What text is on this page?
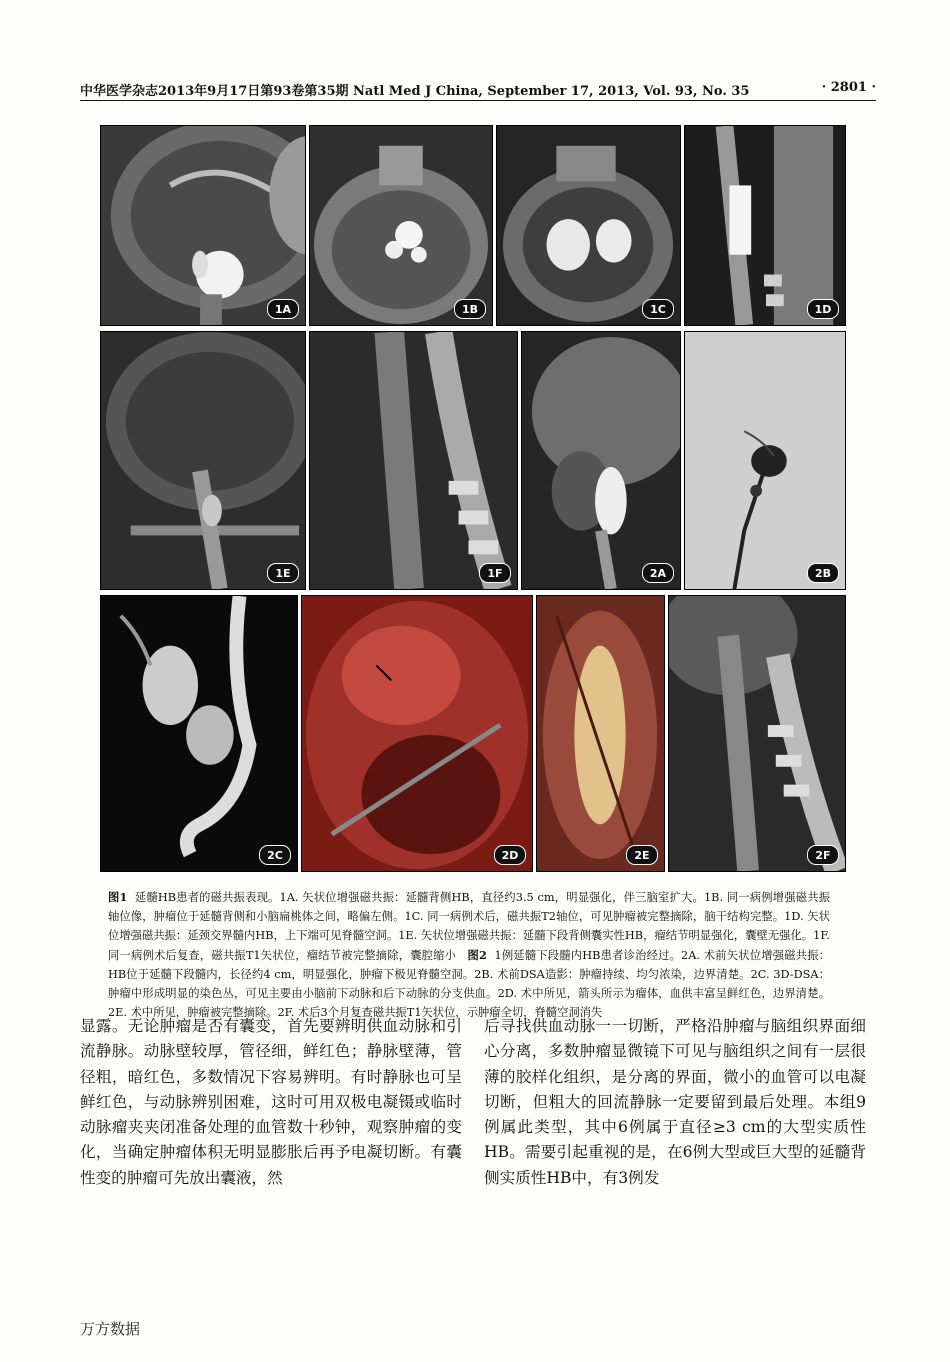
中华医学杂志2013年9月17日第93卷第35期 Natl Med J China, September 17, 2013, Vol. 93, No. 35	· 2801 ·
1A	1B	1C	1D
1E	1F	2A	2B
2C	2D	2E	2F
图1 延髓HB患者的磁共振表现。1A. 矢状位增强磁共振：延髓背侧HB，直径约3.5 cm，明显强化，伴三脑室扩大。1B. 同一病例增强磁共振轴位像，肿瘤位于延髓背侧和小脑扁桃体之间，略偏左侧。1C. 同一病例术后，磁共振T2轴位，可见肿瘤被完整摘除，脑干结构完整。1D. 矢状位增强磁共振：延颈交界髓内HB，上下端可见脊髓空洞。1E. 矢状位增强磁共振：延髓下段背侧囊实性HB，瘤结节明显强化，囊壁无强化。1F. 同一病例术后复查，磁共振T1矢状位，瘤结节被完整摘除，囊腔缩小 图2 1例延髓下段髓内HB患者诊治经过。2A. 术前矢状位增强磁共振：HB位于延髓下段髓内，长径约4 cm，明显强化，肿瘤下极见脊髓空洞。2B. 术前DSA造影：肿瘤持续、均匀浓染，边界清楚。2C. 3D-DSA：肿瘤中形成明显的染色丛，可见主要由小脑前下动脉和后下动脉的分支供血。2D. 术中所见，箭头所示为瘤体，血供丰富呈鲜红色，边界清楚。2E. 术中所见，肿瘤被完整摘除。2F. 术后3个月复查磁共振T1矢状位，示肿瘤全切，脊髓空洞消失
显露。无论肿瘤是否有囊变，首先要辨明供血动脉和引流静脉。动脉壁较厚，管径细，鲜红色；静脉壁薄，管径粗，暗红色，多数情况下容易辨明。有时静脉也可呈鲜红色，与动脉辨别困难，这时可用双极电凝镊或临时动脉瘤夹夹闭准备处理的血管数十秒钟，观察肿瘤的变化，当确定肿瘤体积无明显膨胀后再予电凝切断。有囊性变的肿瘤可先放出囊液，然
后寻找供血动脉一一切断，严格沿肿瘤与脑组织界面细心分离，多数肿瘤显微镜下可见与脑组织之间有一层很薄的胶样化组织，是分离的界面，微小的血管可以电凝切断，但粗大的回流静脉一定要留到最后处理。本组9例属此类型，其中6例属于直径≥3 cm的大型实质性HB。需要引起重视的是，在6例大型或巨大型的延髓背侧实质性HB中，有3例发
万方数据
